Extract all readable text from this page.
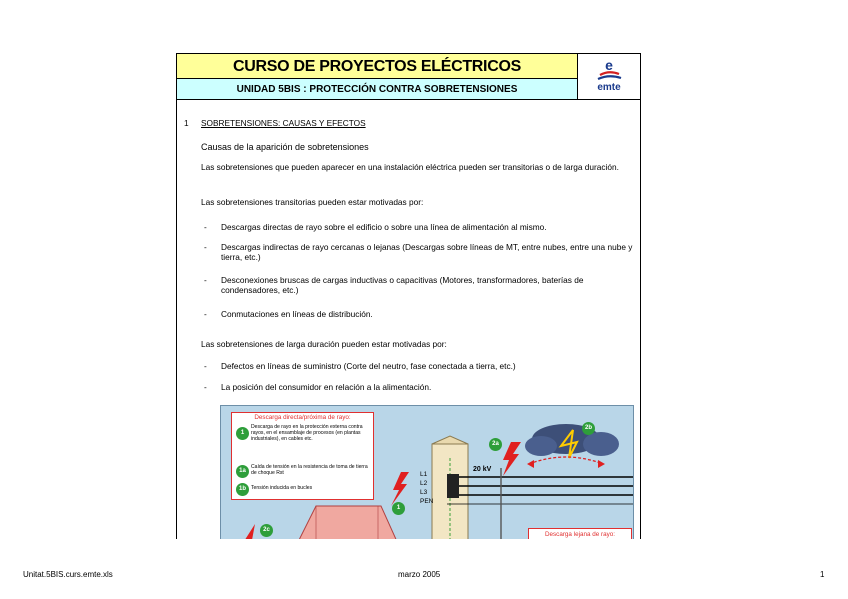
CURSO DE PROYECTOS ELÉCTRICOS
UNIDAD 5BIS : PROTECCIÓN CONTRA SOBRETENSIONES
e
emte
1 SOBRETENSIONES: CAUSAS Y EFECTOS
Causas de la aparición de sobretensiones
Las sobretensiones que pueden aparecer en una instalación eléctrica pueden ser transitorias o de larga duración.
Las sobretensiones transitorias pueden estar motivadas por:
- Descargas directas de rayo sobre el edificio o sobre una línea de alimentación al mismo.
- Descargas indirectas de rayo cercanas o lejanas (Descargas sobre líneas de MT, entre nubes, entre una nube y tierra, etc.)
- Desconexiones bruscas de cargas inductivas o capacitivas (Motores, transformadores, baterías de condensadores, etc.)
- Conmutaciones en líneas de distribución.
Las sobretensiones de larga duración pueden estar motivadas por:
- Defectos en líneas de suministro (Corte del neutro, fase conectada a tierra, etc.)
- La posición del consumidor en relación a la alimentación.
Descarga directa/próxima de rayo:
1
Descarga de rayo en la protección externa contra rayos, en el ensamblaje de procesos (en plantas industriales), en cables etc.
1a
Caída de tensión en la resistencia de toma de tierra de choque Rst
1b Tensión inducida en bucles
1
2a
2b
2c
L1
L2
L3
PEN
20 kV
Descarga lejana de rayo:
Unitat.5BIS.curs.emte.xls	marzo 2005	1
